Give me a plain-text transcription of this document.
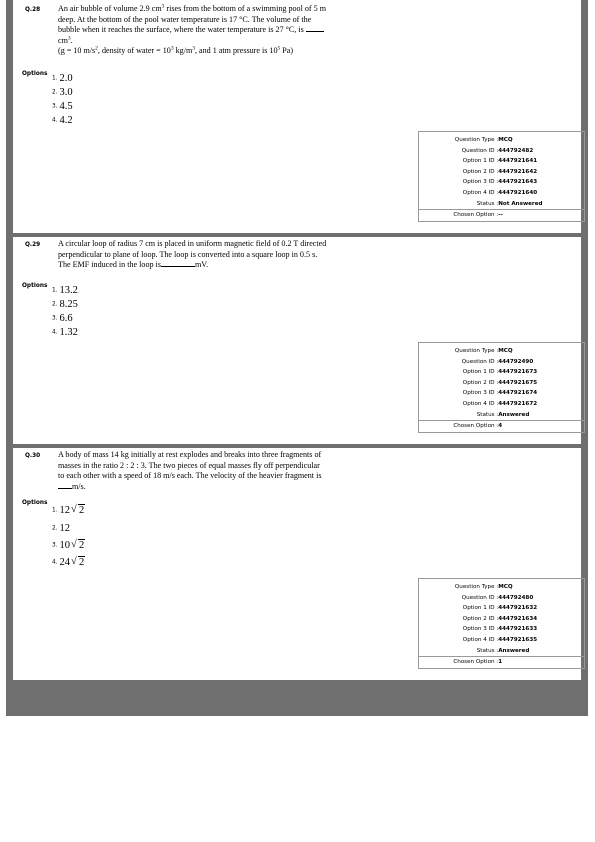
Q.28 An air bubble of volume 2.9 $cm^3$ rises from the bottom of a swimming pool of 5 m
deep. At the bottom of the pool water temperature is 17 °C. The volume of the
bubble when it reaches the surface, where the water temperature is 27 °C, is
$cm^3$.
(g = 10 $m/s^2$, density of water = $10^3$ $kg/m^3$, and 1 atm pressure is $10^5$ Pa)
Options
1. 2.0
2. 3.0
3. 4.5
4. 4.2
Question Type : MCQ
Question ID : 444792482
Option 1 ID : 4447921641
Option 2 ID : 4447921642
Option 3 ID : 4447921643
Option 4 ID : 4447921640
Status : Not Answered
Chosen Option : --
Q.29 A circular loop of radius 7 cm is placed in uniform magnetic field of 0.2 T directed
perpendicular to plane of loop. The loop is converted into a square loop in 0.5 s.
The EMF induced in the loop is	mV.
Options
1. 13.2
2. 8.25
3. 6.6
4. 1.32
Question Type : MCQ
Question ID : 444792490
Option 1 ID : 4447921673
Option 2 ID : 4447921675
Option 3 ID : 4447921674
Option 4 ID : 4447921672
Status : Answered
Chosen Option : 4
Q.30 A body of mass 14 kg initially at rest explodes and breaks into three fragments of
masses in the ratio 2 : 2 : 3. The two pieces of equal masses fly off perpendicular
to each other with a speed of 18 m/s each. The velocity of the heavier fragment is
m/s.
Options
1. 12 √ 2
2. 12
3. 10 √ 2
4. 24 √ 2
Question Type : MCQ
Question ID : 444792480
Option 1 ID : 4447921632
Option 2 ID : 4447921634
Option 3 ID : 4447921633
Option 4 ID : 4447921635
Status : Answered
Chosen Option : 1
